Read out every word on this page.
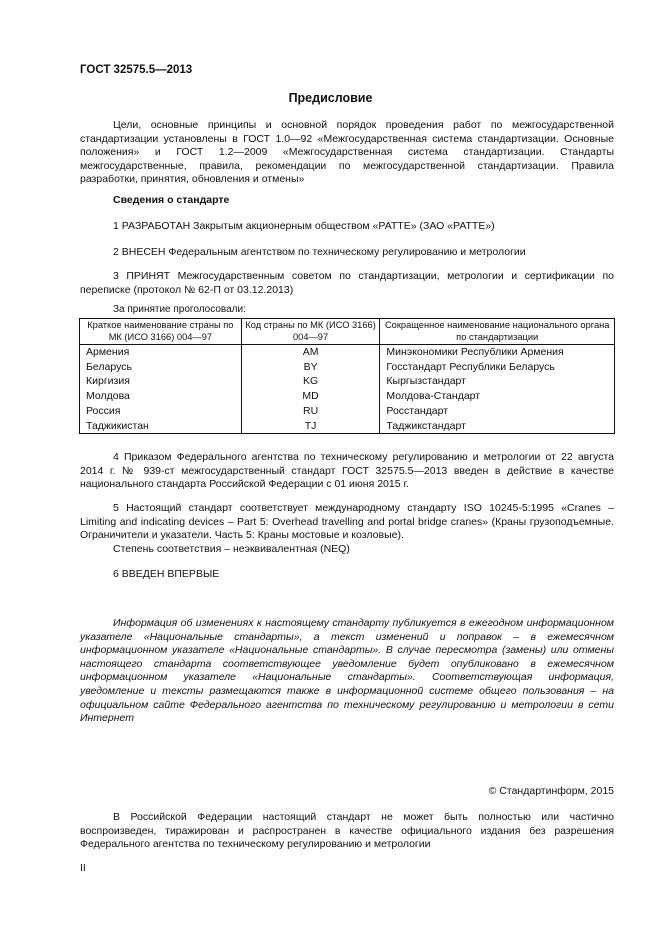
ГОСТ 32575.5—2013
Предисловие

Цели, основные принципы и основной порядок проведения работ по межгосударственной стандартизации установлены в ГОСТ 1.0—92 «Межгосударственная система стандартизации. Основные положения» и ГОСТ 1.2—2009 «Межгосударственная система стандартизации. Стандарты межгосударственные, правила, рекомендации по межгосударственной стандартизации. Правила разработки, принятия, обновления и отмены»

Сведения о стандарте
1 РАЗРАБОТАН Закрытым акционерным обществом «РАТТЕ» (ЗАО «РАТТЕ»)
2 ВНЕСЕН Федеральным агентством по техническому регулированию и метрологии

3 ПРИНЯТ Межгосударственным советом по стандартизации, метрологии и сертификации по переписке (протокол № 62-П от 03.12.2013)

За принятие проголосовали:
Краткое наименование страны по МК (ИСО 3166) 004—97	Код страны по МК (ИСО 3166) 004—97	Сокращенное наименование национального органа по стандартизации
Армения	AM	Минэкономики Республики Армения
Беларусь	BY	Госстандарт Республики Беларусь
Киргизия	KG	Кыргызстандарт
Молдова	MD	Молдова-Стандарт
Россия	RU	Росстандарт
Таджикистан	TJ	Таджикстандарт

4 Приказом Федерального агентства по техническому регулированию и метрологии от 22 августа 2014 г. № 939-ст межгосударственный стандарт ГОСТ 32575.5—2013 введен в действие в качестве национального стандарта Российской Федерации с 01 июня 2015 г.

5 Настоящий стандарт соответствует международному стандарту ISO 10245-5:1995 «Cranes – Limiting and indicating devices – Part 5: Overhead travelling and portal bridge cranes» (Краны грузоподъемные. Ограничители и указатели. Часть 5: Краны мостовые и козловые).

Степень соответствия – неэквивалентная (NEQ)
6 ВВЕДЕН ВПЕРВЫЕ

Информация об изменениях к настоящему стандарту публикуется в ежегодном информационном указателе «Национальные стандарты», а текст изменений и поправок – в ежемесячном информационном указателе «Национальные стандарты». В случае пересмотра (замены) или отмены настоящего стандарта соответствующее уведомление будет опубликовано в ежемесячном информационном указателе «Национальные стандарты». Соответствующая информация, уведомление и тексты размещаются также в информационной системе общего пользования – на официальном сайте Федерального агентства по техническому регулированию и метрологии в сети Интернет

© Стандартинформ, 2015

В Российской Федерации настоящий стандарт не может быть полностью или частично воспроизведен, тиражирован и распространен в качестве официального издания без разрешения Федерального агентства по техническому регулированию и метрологии

II
